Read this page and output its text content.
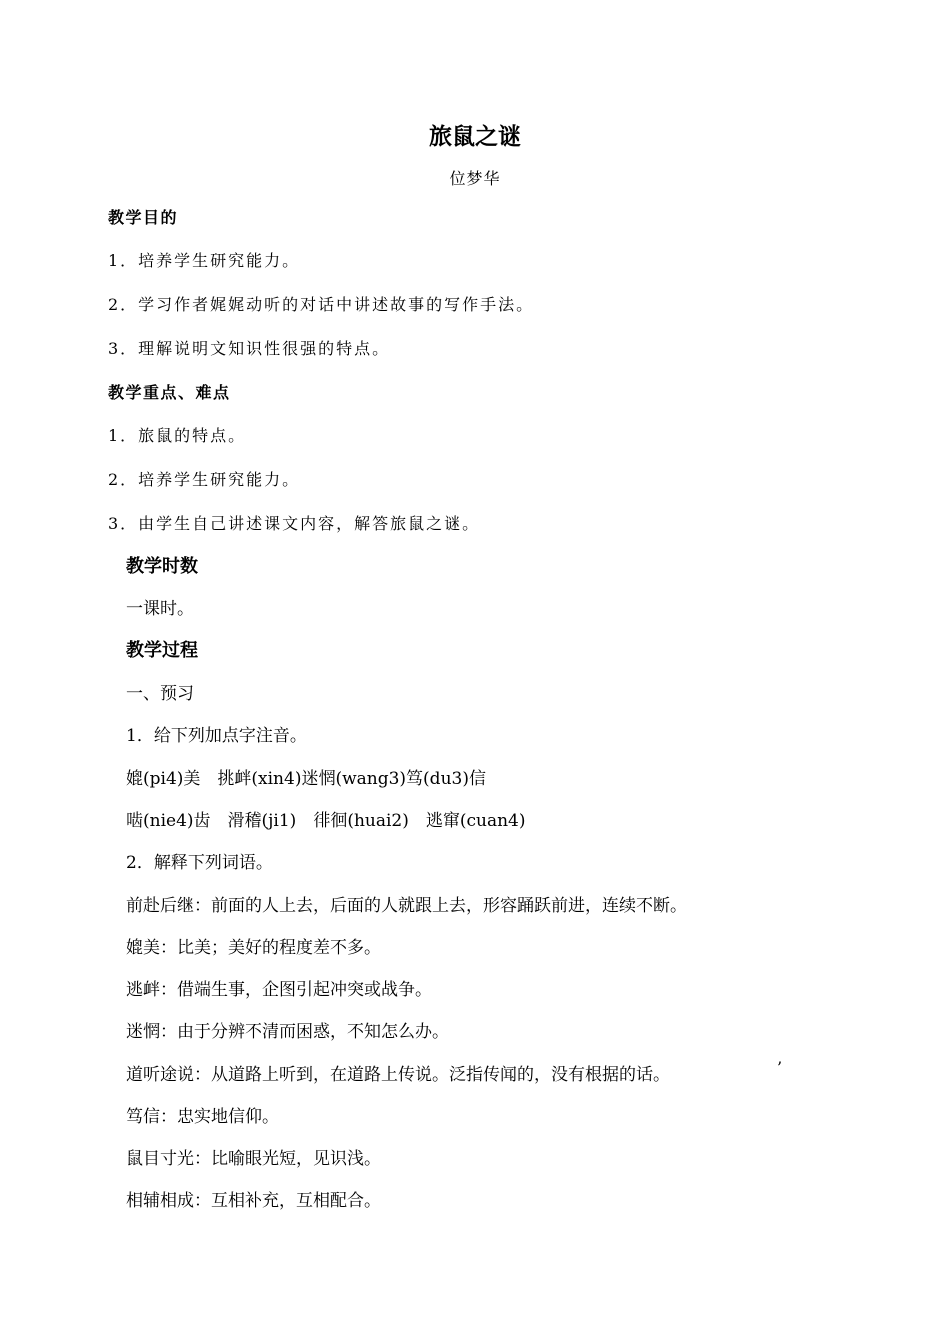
旅鼠之谜
位梦华
教学目的
1．培养学生研究能力。
2．学习作者娓娓动听的对话中讲述故事的写作手法。
3．理解说明文知识性很强的特点。
教学重点、难点
1．旅鼠的特点。
2．培养学生研究能力。
3．由学生自己讲述课文内容，解答旅鼠之谜。
教学时数
一课时。
教学过程
一、预习
1．给下列加点字注音。
媲(pi4)美　挑衅(xin4)迷惘(wang3)笃(du3)信
啮(nie4)齿　滑稽(ji1)　徘徊(huai2)　逃窜(cuan4)
2．解释下列词语。
前赴后继：前面的人上去，后面的人就跟上去，形容踊跃前进，连续不断。
媲美：比美；美好的程度差不多。
逃衅：借端生事，企图引起冲突或战争。
迷惘：由于分辨不清而困惑，不知怎么办。
道听途说：从道路上听到，在道路上传说。泛指传闻的，没有根据的话。
笃信：忠实地信仰。
鼠目寸光：比喻眼光短，见识浅。
相辅相成：互相补充，互相配合。
’
